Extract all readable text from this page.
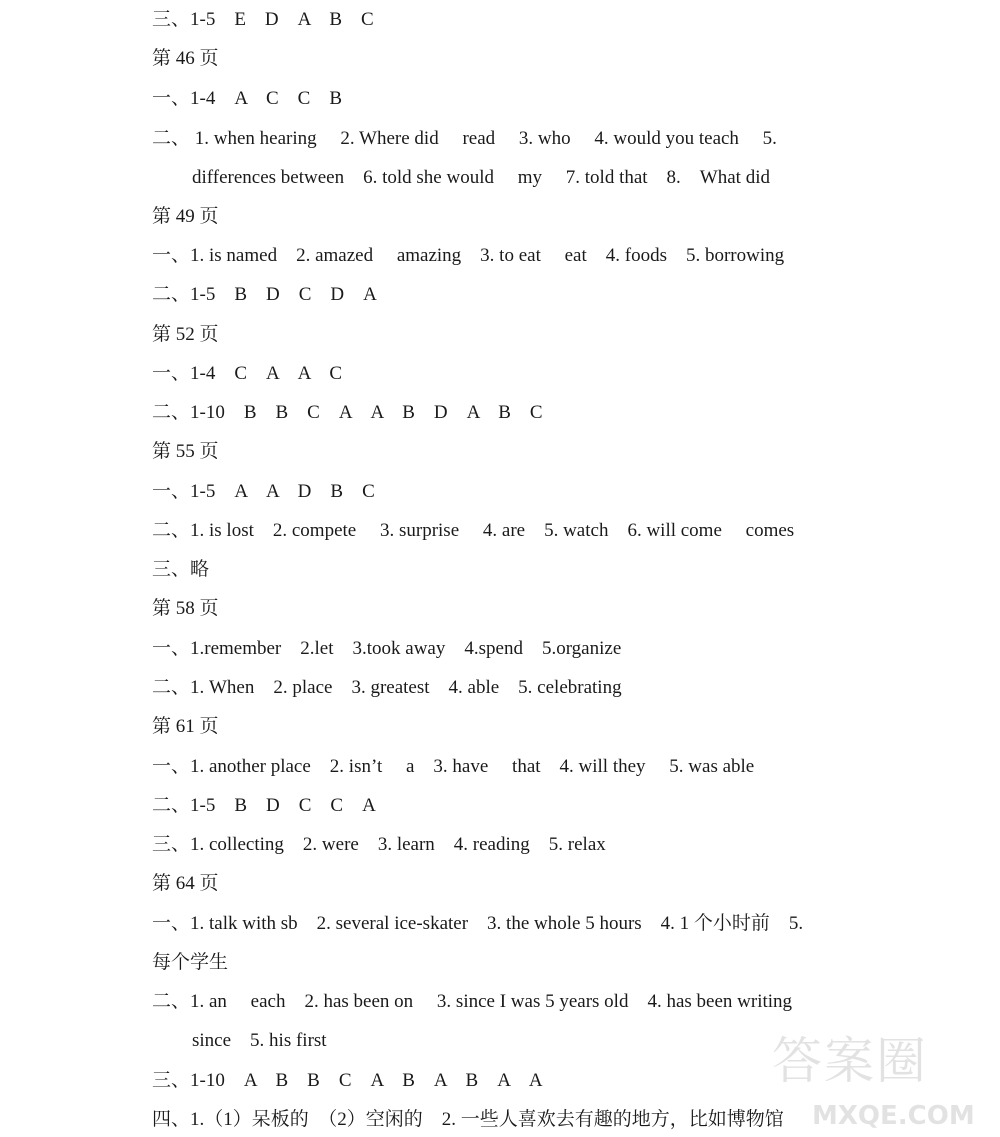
三、1-5　E　D　A　B　C
第 46 页
一、1-4　A　C　C　B
二、 1. when hearing　 2. Where did　 read　 3. who　 4. would you teach　 5.
differences between　6. told she would　 my　 7. told that　8.　What did
第 49 页
一、1. is named　2. amazed　 amazing　3. to eat　 eat　4. foods　5. borrowing
二、1-5　B　D　C　D　A
第 52 页
一、1-4　C　A　A　C
二、1-10　B　B　C　A　A　B　D　A　B　C
第 55 页
一、1-5　A　A　D　B　C
二、1. is lost　2. compete　 3. surprise　 4. are　5. watch　6. will come　 comes
三、略
第 58 页
一、1.remember　2.let　3.took away　4.spend　5.organize
二、1. When　2. place　3. greatest　4. able　5. celebrating
第 61 页
一、1. another place　2. isn’t　 a　3. have　 that　4. will they　 5. was able
二、1-5　B　D　C　C　A
三、1. collecting　2. were　3. learn　4. reading　5. relax
第 64 页
一、1. talk with sb　2. several ice-skater　3. the whole 5 hours　4. 1 个小时前　5.
每个学生
二、1. an　 each　2. has been on　 3. since I was 5 years old　4. has been writing
since　5. his first
三、1-10　A　B　B　C　A　B　A　B　A　A
四、1.（1）呆板的　（2）空闲的　2. 一些人喜欢去有趣的地方，比如博物馆
答案圈
MXQE.COM
